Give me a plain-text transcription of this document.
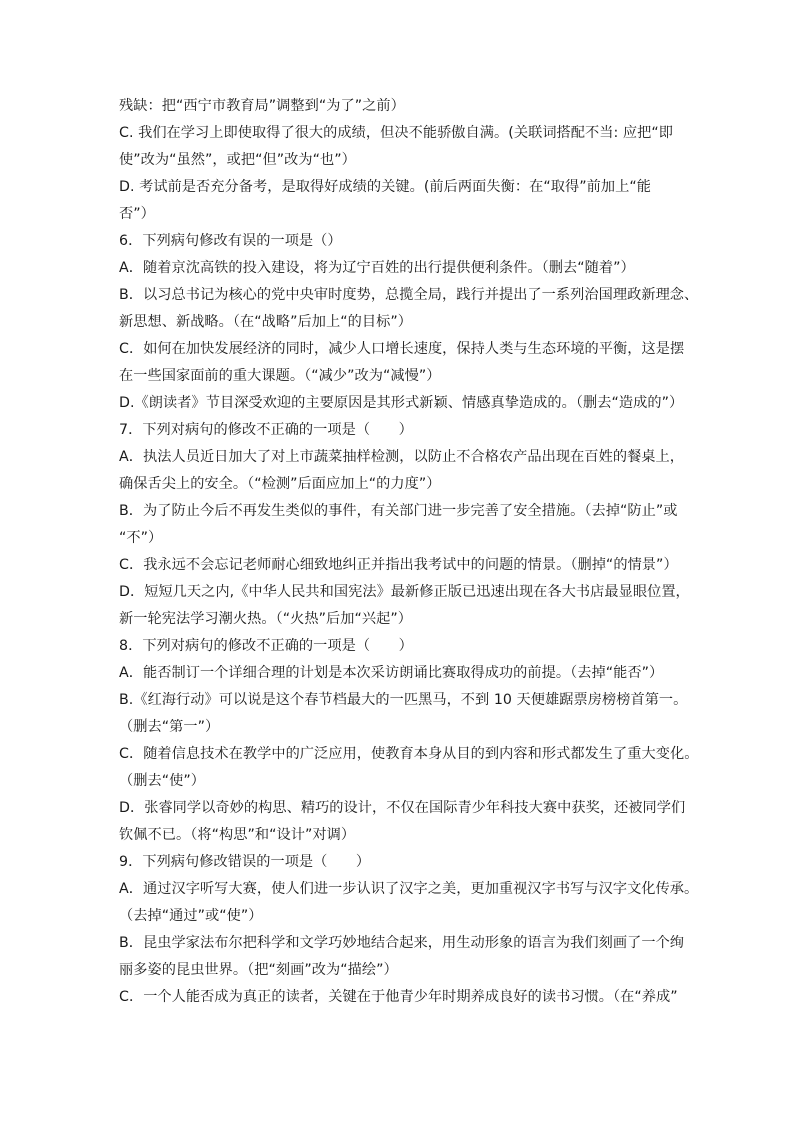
残缺：把“西宁市教育局”调整到“为了”之前）
C. 我们在学习上即使取得了很大的成绩，但决不能骄傲自满。(关联词搭配不当: 应把“即
使”改为“虽然”，或把“但”改为“也”）
D. 考试前是否充分备考，是取得好成绩的关键。(前后两面失衡：在“取得”前加上“能
否”）
6．下列病句修改有误的一项是（）
A．随着京沈高铁的投入建设，将为辽宁百姓的出行提供便利条件。（删去“随着”）
B．以习总书记为核心的党中央审时度势，总揽全局，践行并提出了一系列治国理政新理念、
新思想、新战略。（在“战略”后加上“的目标”）
C．如何在加快发展经济的同时，减少人口增长速度，保持人类与生态环境的平衡，这是摆
在一些国家面前的重大课题。（“减少”改为“减慢”）
D.《朗读者》节目深受欢迎的主要原因是其形式新颖、情感真挚造成的。（删去“造成的”）
7．下列对病句的修改不正确的一项是（　　）
A．执法人员近日加大了对上市蔬菜抽样检测，以防止不合格农产品出现在百姓的餐桌上，
确保舌尖上的安全。（“检测”后面应加上“的力度”）
B．为了防止今后不再发生类似的事件，有关部门进一步完善了安全措施。（去掉“防止”或
“不”）
C．我永远不会忘记老师耐心细致地纠正并指出我考试中的问题的情景。（删掉“的情景”）
D．短短几天之内,《中华人民共和国宪法》最新修正版已迅速出现在各大书店最显眼位置，
新一轮宪法学习潮火热。（“火热”后加“兴起”）
8．下列对病句的修改不正确的一项是（　　）
A．能否制订一个详细合理的计划是本次采访朗诵比赛取得成功的前提。（去掉“能否”）
B.《红海行动》可以说是这个春节档最大的一匹黑马，不到 10 天便雄踞票房榜榜首第一。
（删去“第一”）
C．随着信息技术在教学中的广泛应用，使教育本身从目的到内容和形式都发生了重大变化。
（删去“使”）
D．张睿同学以奇妙的构思、精巧的设计，不仅在国际青少年科技大赛中获奖，还被同学们
钦佩不已。（将“构思”和“设计”对调）
9．下列病句修改错误的一项是（　　）
A．通过汉字听写大赛，使人们进一步认识了汉字之美，更加重视汉字书写与汉字文化传承。
（去掉“通过”或“使”）
B．昆虫学家法布尔把科学和文学巧妙地结合起来，用生动形象的语言为我们刻画了一个绚
丽多姿的昆虫世界。（把“刻画”改为“描绘”）
C．一个人能否成为真正的读者，关键在于他青少年时期养成良好的读书习惯。（在“养成”
